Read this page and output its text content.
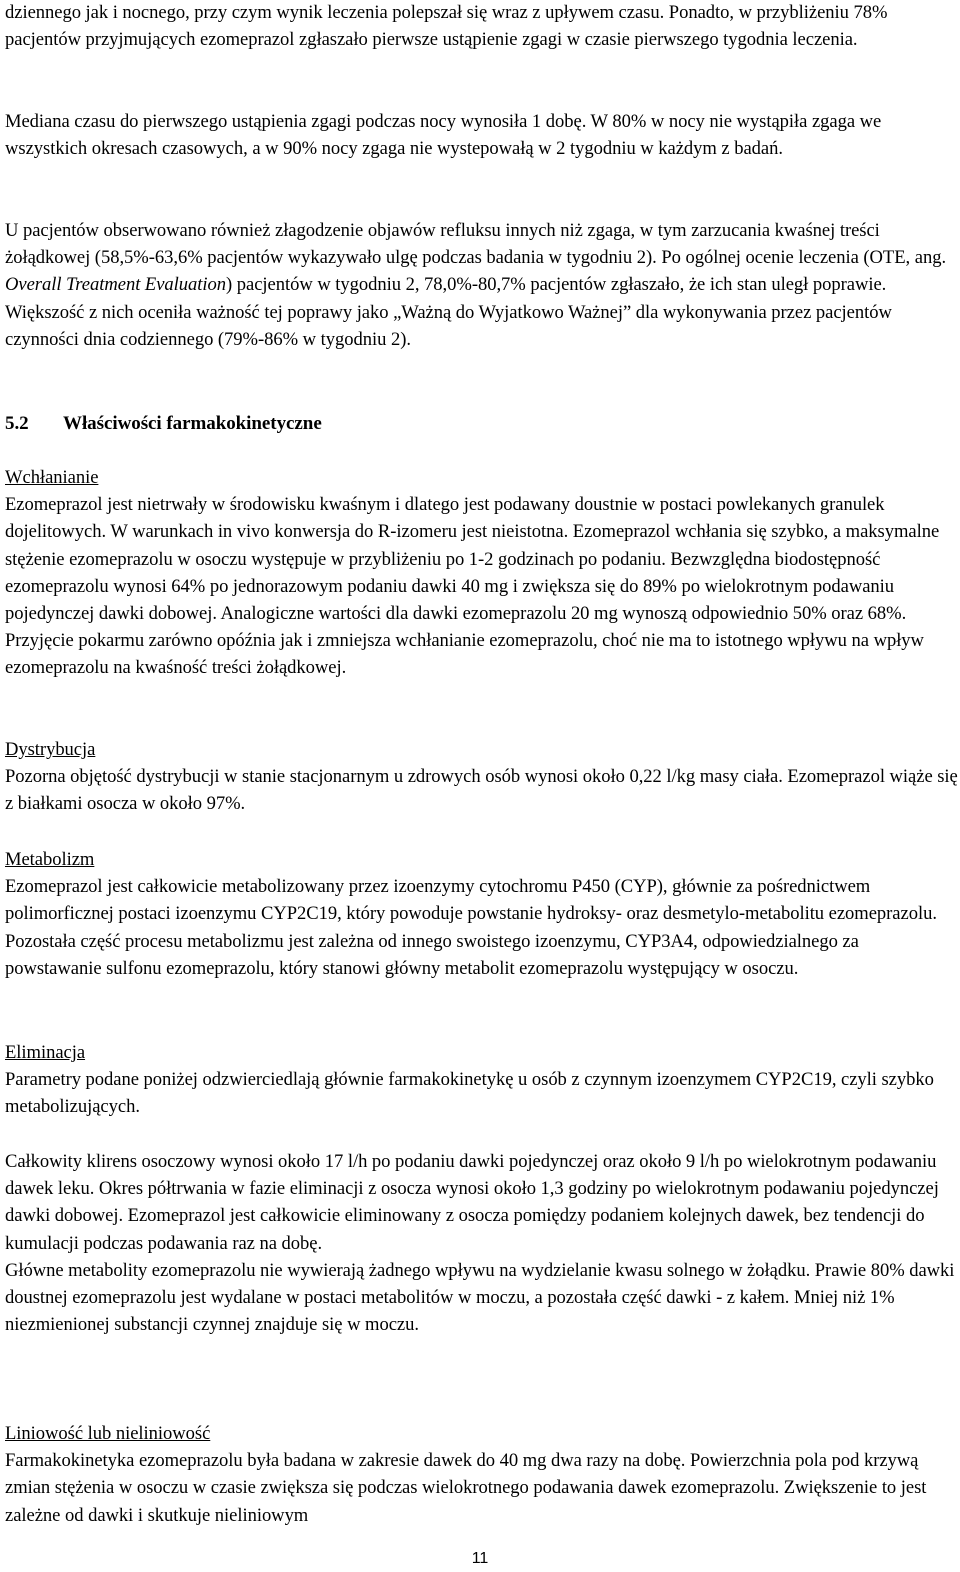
dziennego jak i nocnego, przy czym wynik leczenia polepszał się wraz z upływem czasu. Ponadto, w przybliżeniu 78% pacjentów przyjmujących ezomeprazol zgłaszało pierwsze ustąpienie zgagi w czasie pierwszego tygodnia leczenia.

Mediana czasu do pierwszego ustąpienia zgagi podczas nocy wynosiła 1 dobę. W 80% w nocy nie wystąpiła zgaga we wszystkich okresach czasowych, a w 90% nocy zgaga nie wystepowałą w 2 tygodniu w każdym z badań.

U pacjentów obserwowano również złagodzenie objawów refluksu innych niż zgaga, w tym zarzucania kwaśnej treści żołądkowej (58,5%-63,6% pacjentów wykazywało ulgę podczas badania w tygodniu 2). Po ogólnej ocenie leczenia (OTE, ang. Overall Treatment Evaluation) pacjentów w tygodniu 2, 78,0%-80,7% pacjentów zgłaszało, że ich stan uległ poprawie. Większość z nich oceniła ważność tej poprawy jako „Ważną do Wyjatkowo Ważnej” dla wykonywania przez pacjentów czynności dnia codziennego (79%-86% w tygodniu 2).

5.2 Właściwości farmakokinetyczne

Wchłanianie

Ezomeprazol jest nietrwały w środowisku kwaśnym i dlatego jest podawany doustnie w postaci powlekanych granulek dojelitowych. W warunkach in vivo konwersja do R-izomeru jest nieistotna. Ezomeprazol wchłania się szybko, a maksymalne stężenie ezomeprazolu w osoczu występuje w przybliżeniu po 1-2 godzinach po podaniu. Bezwzględna biodostępność ezomeprazolu wynosi 64% po jednorazowym podaniu dawki 40 mg i zwiększa się do 89% po wielokrotnym podawaniu pojedynczej dawki dobowej. Analogiczne wartości dla dawki ezomeprazolu 20 mg wynoszą odpowiednio 50% oraz 68%. Przyjęcie pokarmu zarówno opóźnia jak i zmniejsza wchłanianie ezomeprazolu, choć nie ma to istotnego wpływu na wpływ ezomeprazolu na kwaśność treści żołądkowej.

Dystrybucja

Pozorna objętość dystrybucji w stanie stacjonarnym u zdrowych osób wynosi około 0,22 l/kg masy ciała. Ezomeprazol wiąże się z białkami osocza w około 97%.

Metabolizm

Ezomeprazol jest całkowicie metabolizowany przez izoenzymy cytochromu P450 (CYP), głównie za pośrednictwem polimorficznej postaci izoenzymu CYP2C19, który powoduje powstanie hydroksy- oraz desmetylo-metabolitu ezomeprazolu. Pozostała część procesu metabolizmu jest zależna od innego swoistego izoenzymu, CYP3A4, odpowiedzialnego za powstawanie sulfonu ezomeprazolu, który stanowi główny metabolit ezomeprazolu występujący w osoczu.

Eliminacja

Parametry podane poniżej odzwierciedlają głównie farmakokinetykę u osób z czynnym izoenzymem CYP2C19, czyli szybko metabolizujących.

Całkowity klirens osoczowy wynosi około 17 l/h po podaniu dawki pojedynczej oraz około 9 l/h po wielokrotnym podawaniu dawek leku. Okres półtrwania w fazie eliminacji z osocza wynosi około 1,3 godziny po wielokrotnym podawaniu pojedynczej dawki dobowej. Ezomeprazol jest całkowicie eliminowany z osocza pomiędzy podaniem kolejnych dawek, bez tendencji do kumulacji podczas podawania raz na dobę.

Główne metabolity ezomeprazolu nie wywierają żadnego wpływu na wydzielanie kwasu solnego w żołądku. Prawie 80% dawki doustnej ezomeprazolu jest wydalane w postaci metabolitów w moczu, a pozostała część dawki - z kałem. Mniej niż 1% niezmienionej substancji czynnej znajduje się w moczu.

Liniowość lub nieliniowość

Farmakokinetyka ezomeprazolu była badana w zakresie dawek do 40 mg dwa razy na dobę. Powierzchnia pola pod krzywą zmian stężenia w osoczu w czasie zwiększa się podczas wielokrotnego podawania dawek ezomeprazolu. Zwiększenie to jest zależne od dawki i skutkuje nieliniowym

11
